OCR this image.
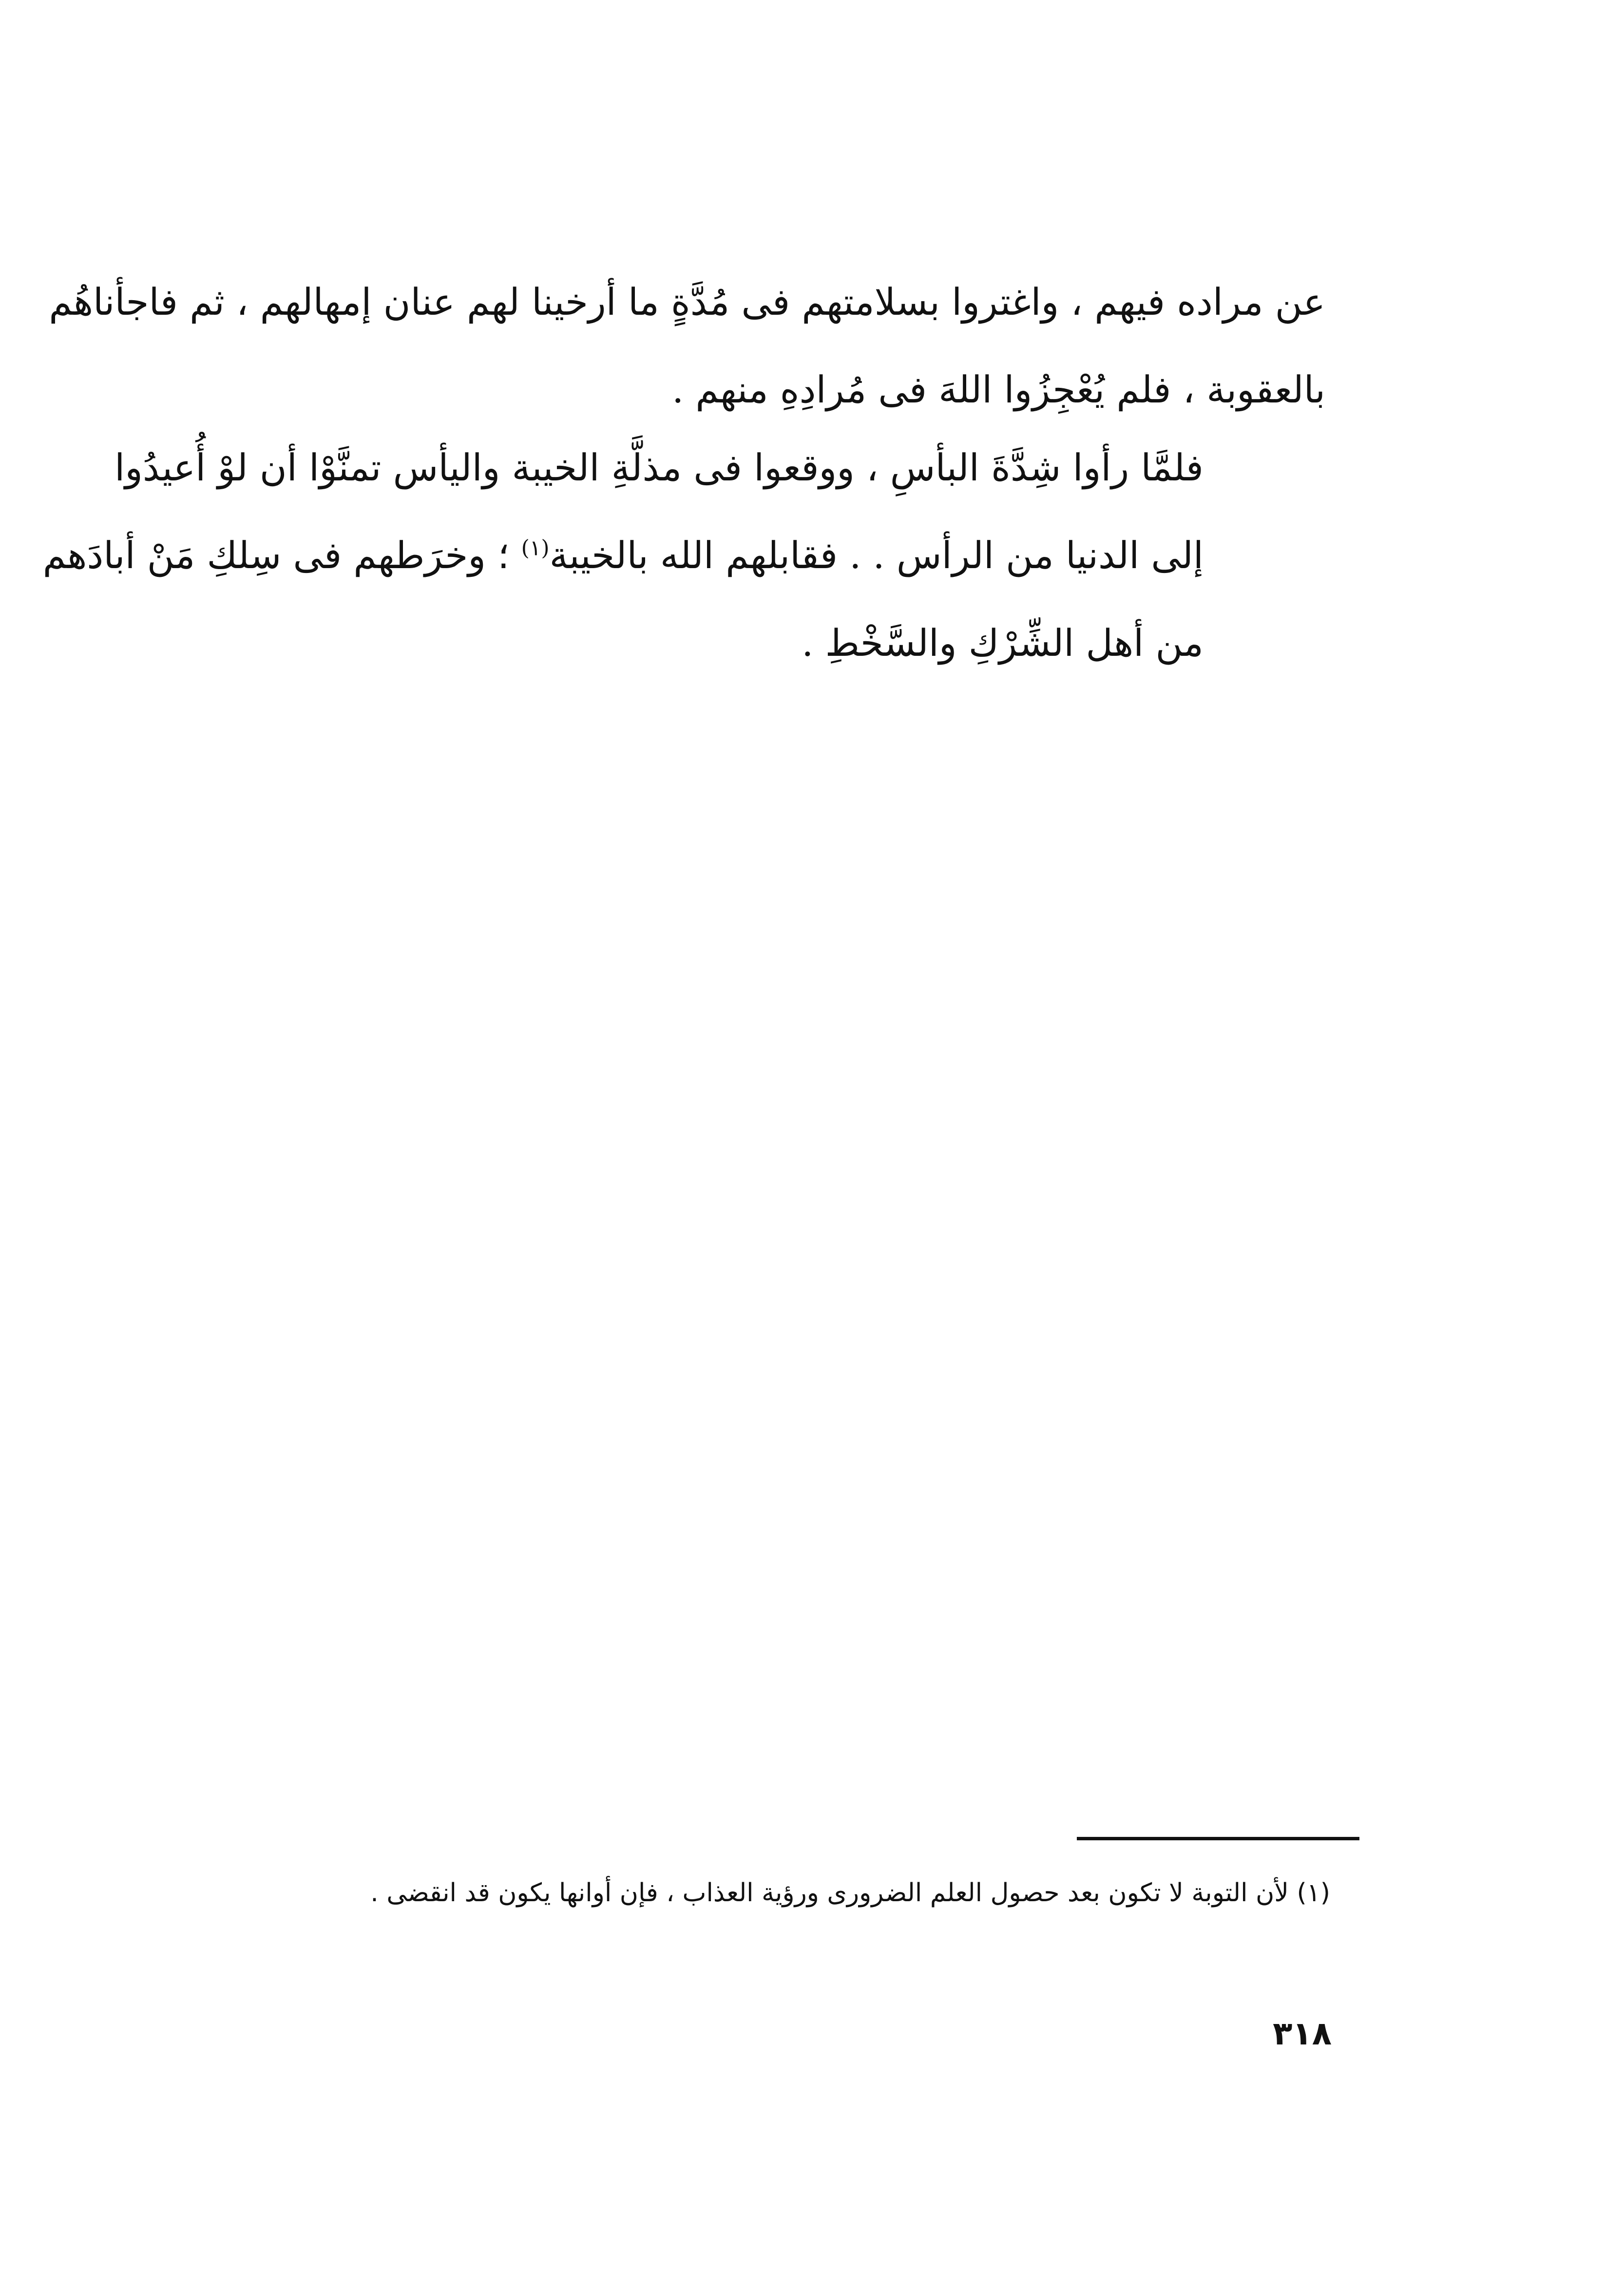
عن مراده فيهم ، واغتروا بسلامتهم فى مُدَّةٍ ما أرخينا لهم عنان إمهالهم ، ثم فاجأناهُم
بالعقوبة ، فلم يُعْجِزُوا اللهَ فى مُرادِهِ منهم .
فلمَّا رأوا شِدَّةَ البأسِ ، ووقعوا فى مذلَّةِ الخيبة واليأس تمنَّوْا أن لوْ أُعيدُوا
إلى الدنيا من الرأس . . فقابلهم الله بالخيبة$^{(١)}$ ؛ وخرَطهم فى سِلكِ مَنْ أبادَهم
من أهل الشِّرْكِ والسَّخْطِ .
(١) لأن التوبة لا تكون بعد حصول العلم الضرورى ورؤية العذاب ، فإن أوانها يكون قد انقضى .
٣١٨
